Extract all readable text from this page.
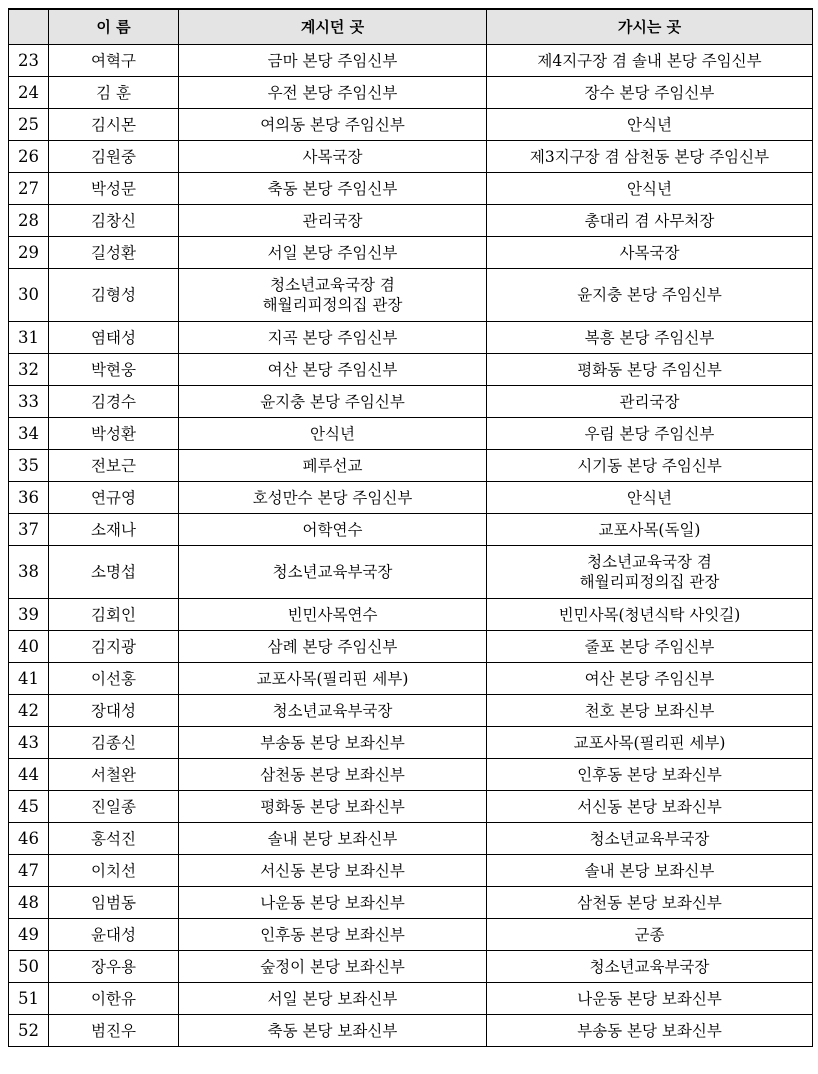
	이 름	계시던 곳	가시는 곳
23	여혁구	금마 본당 주임신부	제4지구장 겸 솔내 본당 주임신부

24	김 훈	우전 본당 주임신부	장수 본당 주임신부

25	김시몬	여의동 본당 주임신부	안식년

26	김원중	사목국장	제3지구장 겸 삼천동 본당 주임신부

27	박성문	축동 본당 주임신부	안식년

28	김창신	관리국장	총대리 겸 사무처장

29	길성환	서일 본당 주임신부	사목국장

30	김형성	청소년교육국장 겸
해월리피정의집 관장	윤지충 본당 주임신부

31	염태성	지곡 본당 주임신부	복흥 본당 주임신부

32	박현웅	여산 본당 주임신부	평화동 본당 주임신부

33	김경수	윤지충 본당 주임신부	관리국장

34	박성환	안식년	우림 본당 주임신부

35	전보근	페루선교	시기동 본당 주임신부

36	연규영	호성만수 본당 주임신부	안식년

37	소재나	어학연수	교포사목(독일)

38	소명섭	청소년교육부국장	청소년교육국장 겸
해월리피정의집 관장

39	김회인	빈민사목연수	빈민사목(청년식탁 사잇길)

40	김지광	삼례 본당 주임신부	줄포 본당 주임신부

41	이선홍	교포사목(필리핀 세부)	여산 본당 주임신부

42	장대성	청소년교육부국장	천호 본당 보좌신부

43	김종신	부송동 본당 보좌신부	교포사목(필리핀 세부)

44	서철완	삼천동 본당 보좌신부	인후동 본당 보좌신부

45	진일종	평화동 본당 보좌신부	서신동 본당 보좌신부

46	홍석진	솔내 본당 보좌신부	청소년교육부국장

47	이치선	서신동 본당 보좌신부	솔내 본당 보좌신부

48	임범동	나운동 본당 보좌신부	삼천동 본당 보좌신부

49	윤대성	인후동 본당 보좌신부	군종

50	장우용	숲정이 본당 보좌신부	청소년교육부국장

51	이한유	서일 본당 보좌신부	나운동 본당 보좌신부

52	범진우	축동 본당 보좌신부	부송동 본당 보좌신부
